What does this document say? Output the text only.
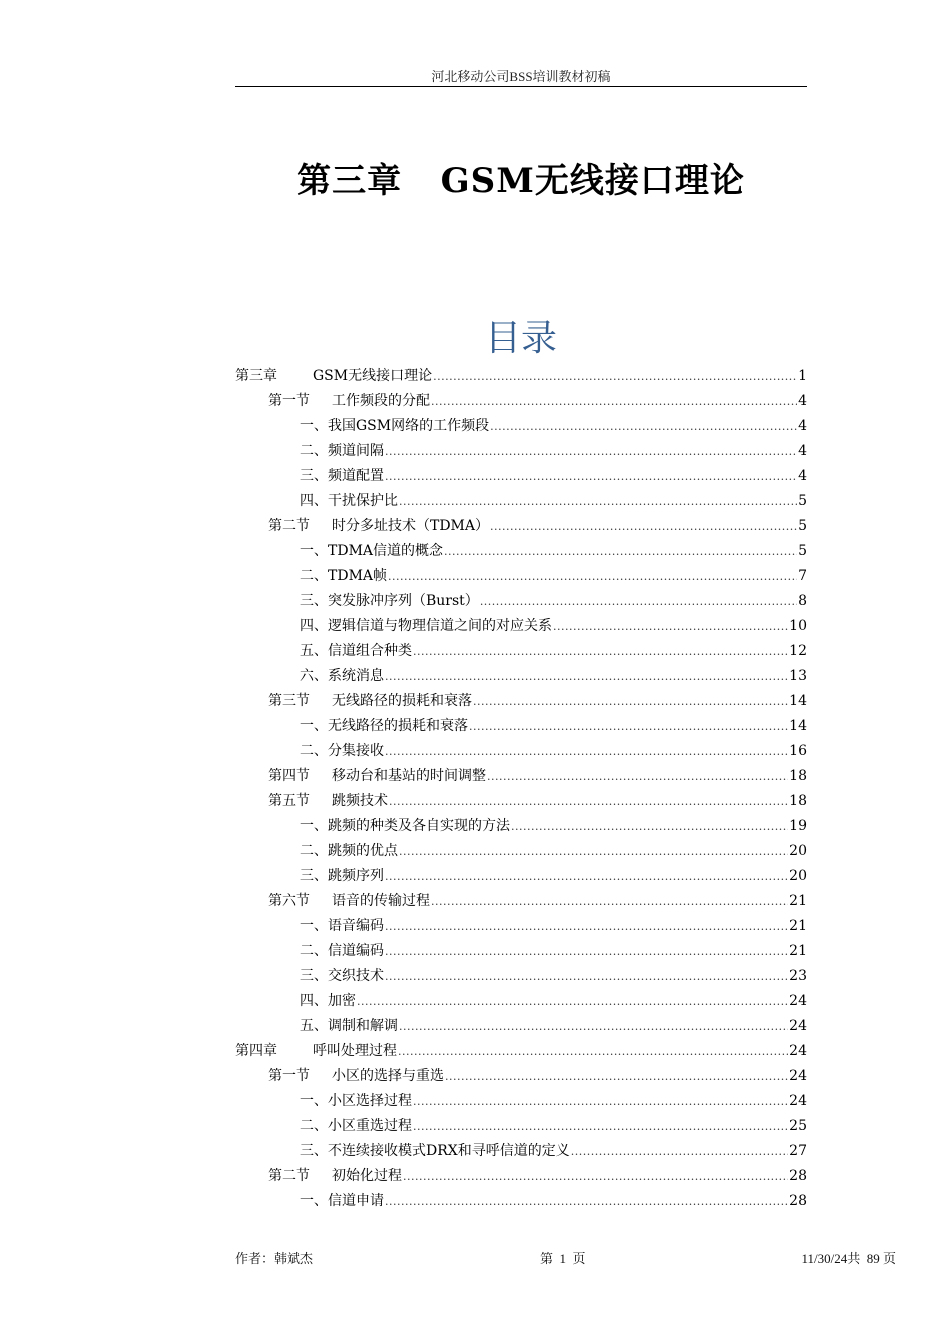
河北移动公司BSS培训教材初稿
第三章   GSM无线接口理论
目录
第三章	GSM无线接口理论 .....	1
第一节 工作频段的分配 .....	4
一、我国GSM网络的工作频段 .....	4
二、频道间隔 .....	4
三、频道配置 .....	4
四、干扰保护比 .....	5
第二节 时分多址技术（TDMA） .....	5
一、TDMA信道的概念 .....	5
二、TDMA帧 .....	7
三、突发脉冲序列（Burst） .....	8
四、逻辑信道与物理信道之间的对应关系 .....	10
五、信道组合种类 .....	12
六、系统消息 .....	13
第三节 无线路径的损耗和衰落 .....	14
一、无线路径的损耗和衰落 .....	14
二、分集接收 .....	16
第四节 移动台和基站的时间调整 .....	18
第五节 跳频技术 .....	18
一、跳频的种类及各自实现的方法 .....	19
二、跳频的优点 .....	20
三、跳频序列 .....	20
第六节 语音的传输过程 .....	21
一、语音编码 .....	21
二、信道编码 .....	21
三、交织技术 .....	23
四、加密 .....	24
五、调制和解调 .....	24
第四章	呼叫处理过程 .....	24
第一节 小区的选择与重选 .....	24
一、小区选择过程 .....	24
二、小区重选过程 .....	25
三、不连续接收模式DRX和寻呼信道的定义 .....	27
第二节 初始化过程 .....	28
一、信道申请 .....	28
作者：韩斌杰	第  1  页	11/30/24共  89 页
